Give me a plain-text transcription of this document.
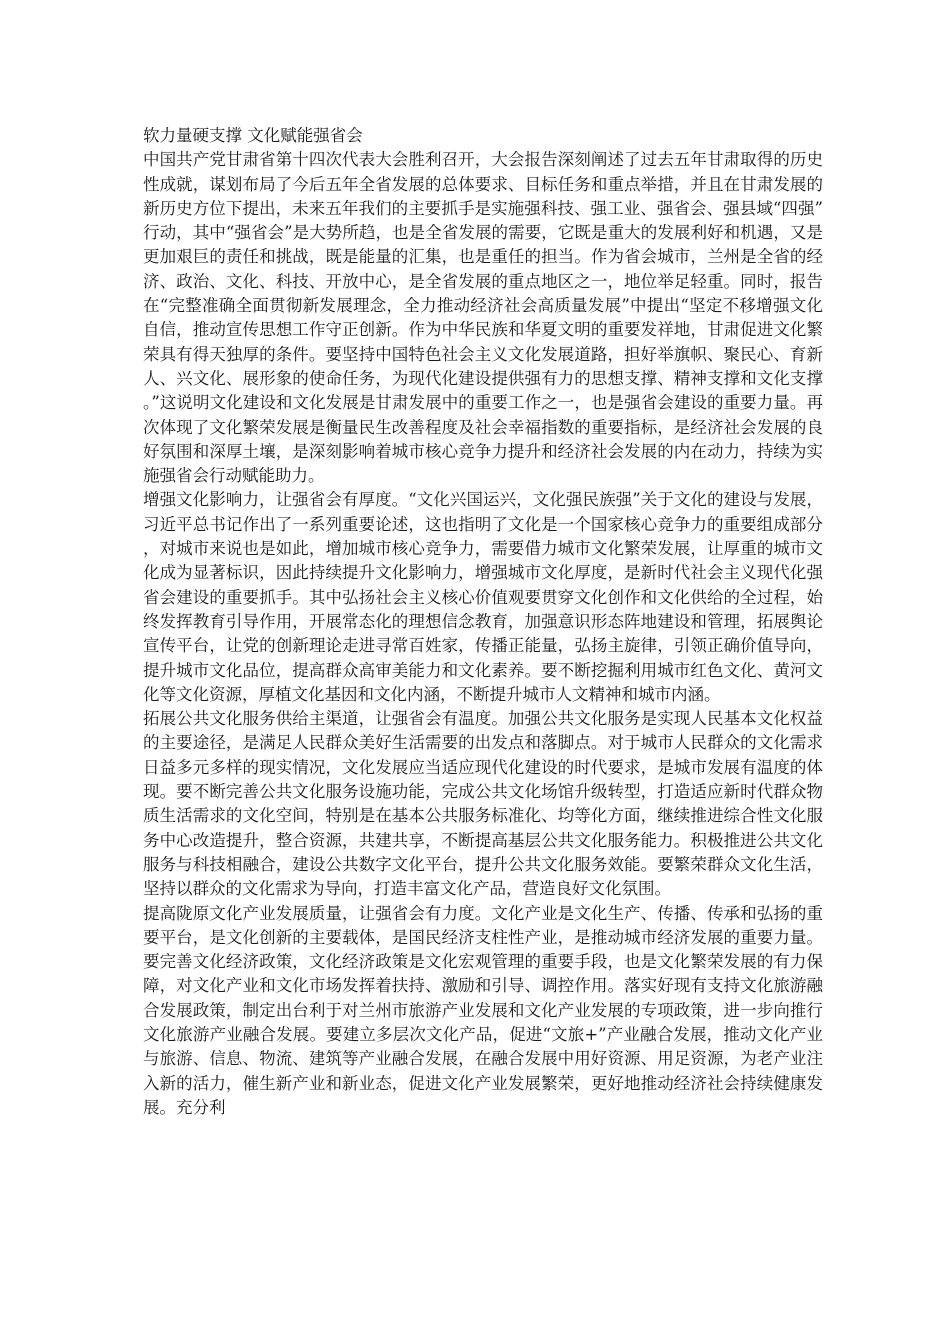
软力量硬支撑 文化赋能强省会

中国共产党甘肃省第十四次代表大会胜利召开，大会报告深刻阐述了过去五年甘肃取得的历史性成就，谋划布局了今后五年全省发展的总体要求、目标任务和重点举措，并且在甘肃发展的新历史方位下提出，未来五年我们的主要抓手是实施强科技、强工业、强省会、强县域“四强”行动，其中“强省会”是大势所趋，也是全省发展的需要，它既是重大的发展利好和机遇，又是更加艰巨的责任和挑战，既是能量的汇集，也是重任的担当。作为省会城市，兰州是全省的经济、政治、文化、科技、开放中心，是全省发展的重点地区之一，地位举足轻重。同时，报告在“完整准确全面贯彻新发展理念，全力推动经济社会高质量发展”中提出“坚定不移增强文化自信，推动宣传思想工作守正创新。作为中华民族和华夏文明的重要发祥地，甘肃促进文化繁荣具有得天独厚的条件。要坚持中国特色社会主义文化发展道路，担好举旗帜、聚民心、育新人、兴文化、展形象的使命任务，为现代化建设提供强有力的思想支撑、精神支撑和文化支撑。”这说明文化建设和文化发展是甘肃发展中的重要工作之一，也是强省会建设的重要力量。再次体现了文化繁荣发展是衡量民生改善程度及社会幸福指数的重要指标，是经济社会发展的良好氛围和深厚土壤，是深刻影响着城市核心竞争力提升和经济社会发展的内在动力，持续为实施强省会行动赋能助力。

增强文化影响力，让强省会有厚度。“文化兴国运兴，文化强民族强”关于文化的建设与发展，习近平总书记作出了一系列重要论述，这也指明了文化是一个国家核心竞争力的重要组成部分，对城市来说也是如此，增加城市核心竞争力，需要借力城市文化繁荣发展，让厚重的城市文化成为显著标识，因此持续提升文化影响力，增强城市文化厚度，是新时代社会主义现代化强省会建设的重要抓手。其中弘扬社会主义核心价值观要贯穿文化创作和文化供给的全过程，始终发挥教育引导作用，开展常态化的理想信念教育，加强意识形态阵地建设和管理，拓展舆论宣传平台，让党的创新理论走进寻常百姓家，传播正能量，弘扬主旋律，引领正确价值导向，提升城市文化品位，提高群众高审美能力和文化素养。要不断挖掘利用城市红色文化、黄河文化等文化资源，厚植文化基因和文化内涵，不断提升城市人文精神和城市内涵。

拓展公共文化服务供给主渠道，让强省会有温度。加强公共文化服务是实现人民基本文化权益的主要途径，是满足人民群众美好生活需要的出发点和落脚点。对于城市人民群众的文化需求日益多元多样的现实情况，文化发展应当适应现代化建设的时代要求，是城市发展有温度的体现。要不断完善公共文化服务设施功能，完成公共文化场馆升级转型，打造适应新时代群众物质生活需求的文化空间，特别是在基本公共服务标准化、均等化方面，继续推进综合性文化服务中心改造提升，整合资源，共建共享，不断提高基层公共文化服务能力。积极推进公共文化服务与科技相融合，建设公共数字文化平台，提升公共文化服务效能。要繁荣群众文化生活，坚持以群众的文化需求为导向，打造丰富文化产品，营造良好文化氛围。

提高陇原文化产业发展质量，让强省会有力度。文化产业是文化生产、传播、传承和弘扬的重要平台，是文化创新的主要载体，是国民经济支柱性产业，是推动城市经济发展的重要力量。要完善文化经济政策，文化经济政策是文化宏观管理的重要手段，也是文化繁荣发展的有力保障，对文化产业和文化市场发挥着扶持、激励和引导、调控作用。落实好现有支持文化旅游融合发展政策，制定出台利于对兰州市旅游产业发展和文化产业发展的专项政策，进一步向推行文化旅游产业融合发展。要建立多层次文化产品，促进“文旅+”产业融合发展，推动文化产业与旅游、信息、物流、建筑等产业融合发展，在融合发展中用好资源、用足资源，为老产业注入新的活力，催生新产业和新业态，促进文化产业发展繁荣，更好地推动经济社会持续健康发展。充分利
